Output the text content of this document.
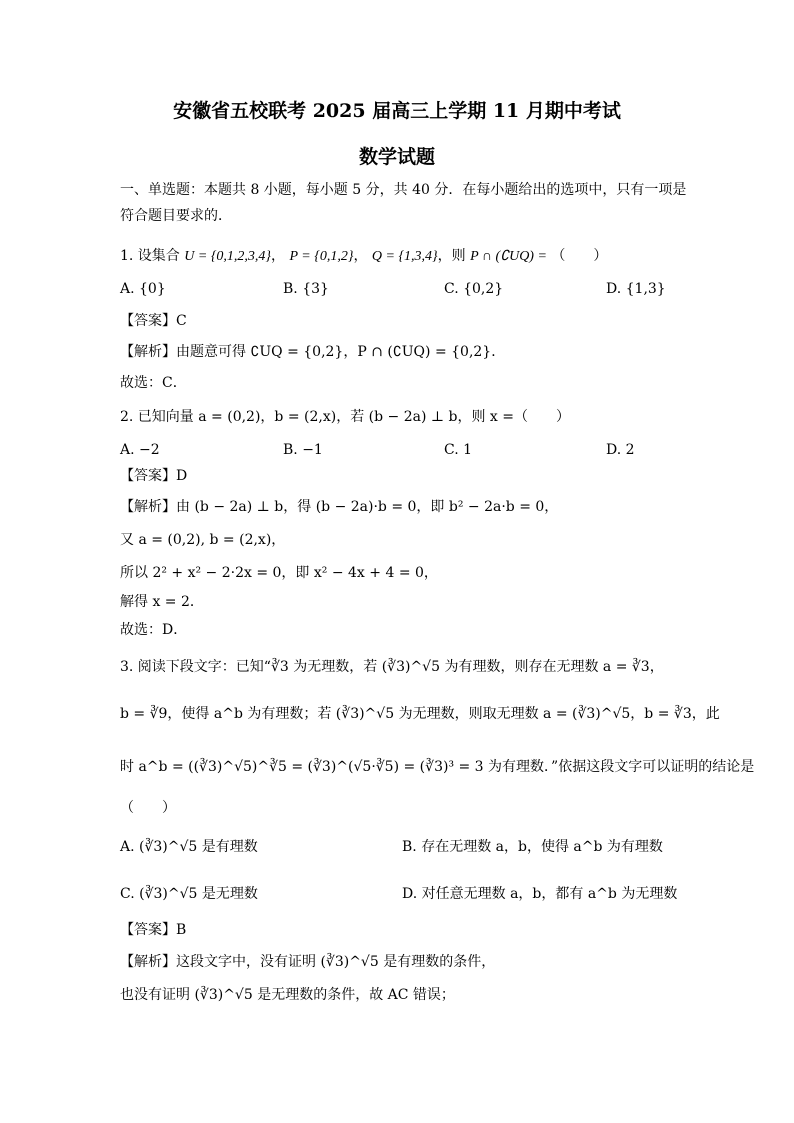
安徽省五校联考 2025 届高三上学期 11 月期中考试
数学试题
一、单选题：本题共 8 小题，每小题 5 分，共 40 分．在每小题给出的选项中，只有一项是
符合题目要求的．
1. 设集合 U = {0,1,2,3,4}， P = {0,1,2}， Q = {1,3,4}，则 P ∩ (∁UQ) = （　　）
A. {0}	B. {3}	C. {0,2}	D. {1,3}
【答案】C
【解析】由题意可得 ∁UQ = {0,2}，P ∩ (∁UQ) = {0,2}．
故选：C．
2. 已知向量 a = (0,2)，b = (2,x)，若 (b − 2a) ⊥ b，则 x =（　　）
A. −2	B. −1	C. 1	D. 2
【答案】D
【解析】由 (b − 2a) ⊥ b，得 (b − 2a)·b = 0，即 b² − 2a·b = 0，
又 a = (0,2), b = (2,x)，
所以 2² + x² − 2·2x = 0，即 x² − 4x + 4 = 0，
解得 x = 2．
故选：D．
3. 阅读下段文字：已知“∛3 为无理数，若 (∛3)^√5 为有理数，则存在无理数 a = ∛3，
b = ∛9，使得 a^b 为有理数；若 (∛3)^√5 为无理数，则取无理数 a = (∛3)^√5，b = ∛3，此
时 a^b = ((∛3)^√5)^∛5 = (∛3)^(√5·∛5) = (∛3)³ = 3 为有理数．”依据这段文字可以证明的结论是
（　　）
A. (∛3)^√5 是有理数	B. 存在无理数 a，b，使得 a^b 为有理数
C. (∛3)^√5 是无理数	D. 对任意无理数 a，b，都有 a^b 为无理数
【答案】B
【解析】这段文字中，没有证明 (∛3)^√5 是有理数的条件，
也没有证明 (∛3)^√5 是无理数的条件，故 AC 错误；
